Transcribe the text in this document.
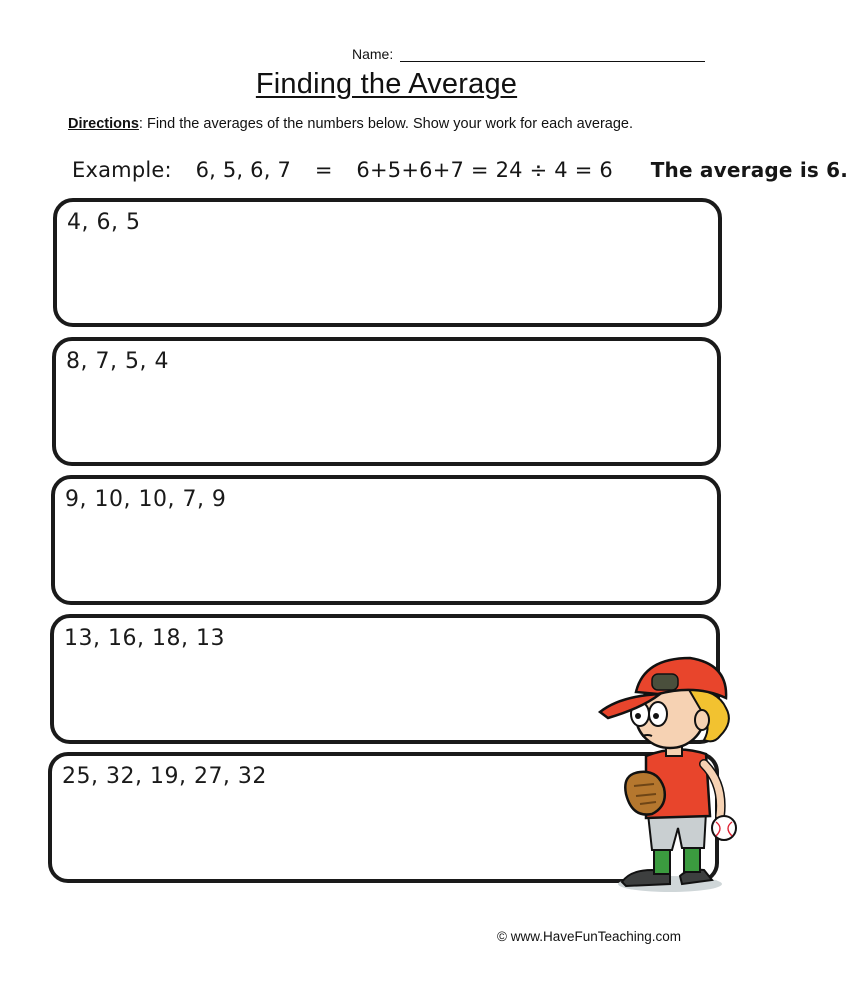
Name:
Finding the Average
Directions: Find the averages of the numbers below. Show your work for each average.
Example: 6, 5, 6, 7 = 6+5+6+7 = 24 ÷ 4 = 6 The average is 6.
4, 6, 5
8, 7, 5, 4
9, 10, 10, 7, 9
13, 16, 18, 13
25, 32, 19, 27, 32
© www.HaveFunTeaching.com
